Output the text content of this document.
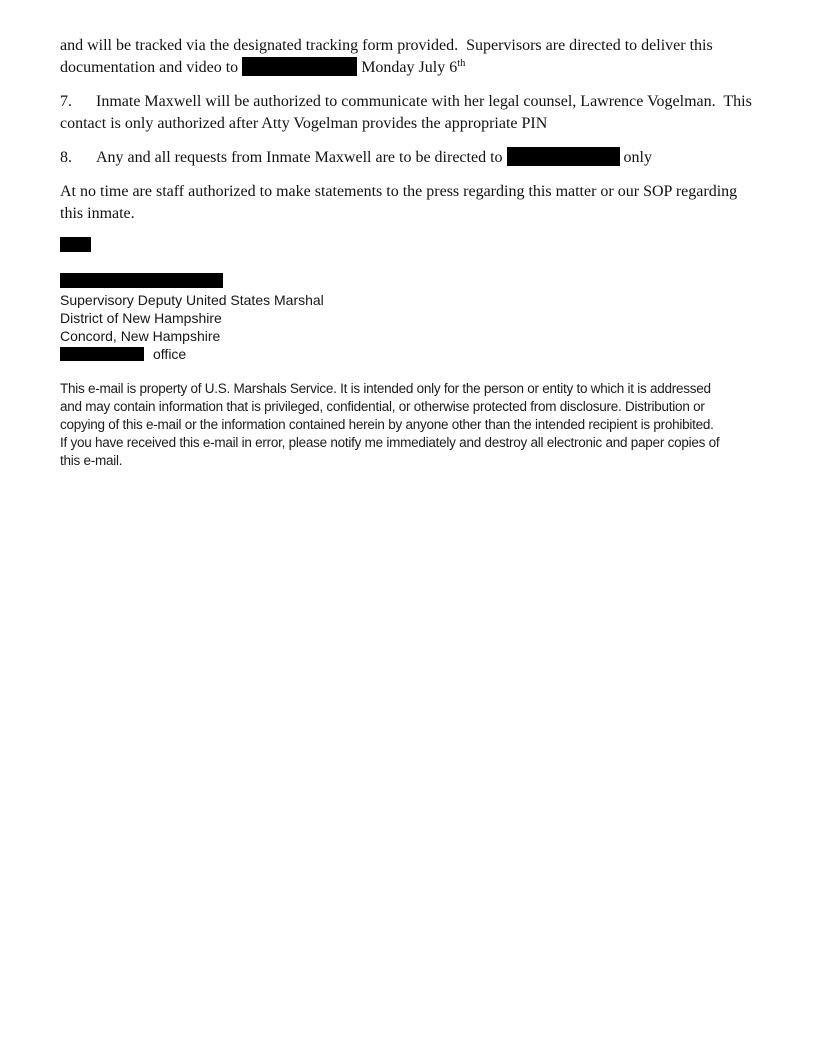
and will be tracked via the designated tracking form provided.  Supervisors are directed to deliver this
documentation and video to	Monday July 6th
7. Inmate Maxwell will be authorized to communicate with her legal counsel, Lawrence Vogelman.  This
contact is only authorized after Atty Vogelman provides the appropriate PIN
8. Any and all requests from Inmate Maxwell are to be directed to	only
At no time are staff authorized to make statements to the press regarding this matter or our SOP regarding
this inmate.
Supervisory Deputy United States Marshal
District of New Hampshire
Concord, New Hampshire
office
This e-mail is property of U.S. Marshals Service. It is intended only for the person or entity to which it is addressed
and may contain information that is privileged, confidential, or otherwise protected from disclosure. Distribution or
copying of this e-mail or the information contained herein by anyone other than the intended recipient is prohibited.
If you have received this e-mail in error, please notify me immediately and destroy all electronic and paper copies of
this e-mail.
